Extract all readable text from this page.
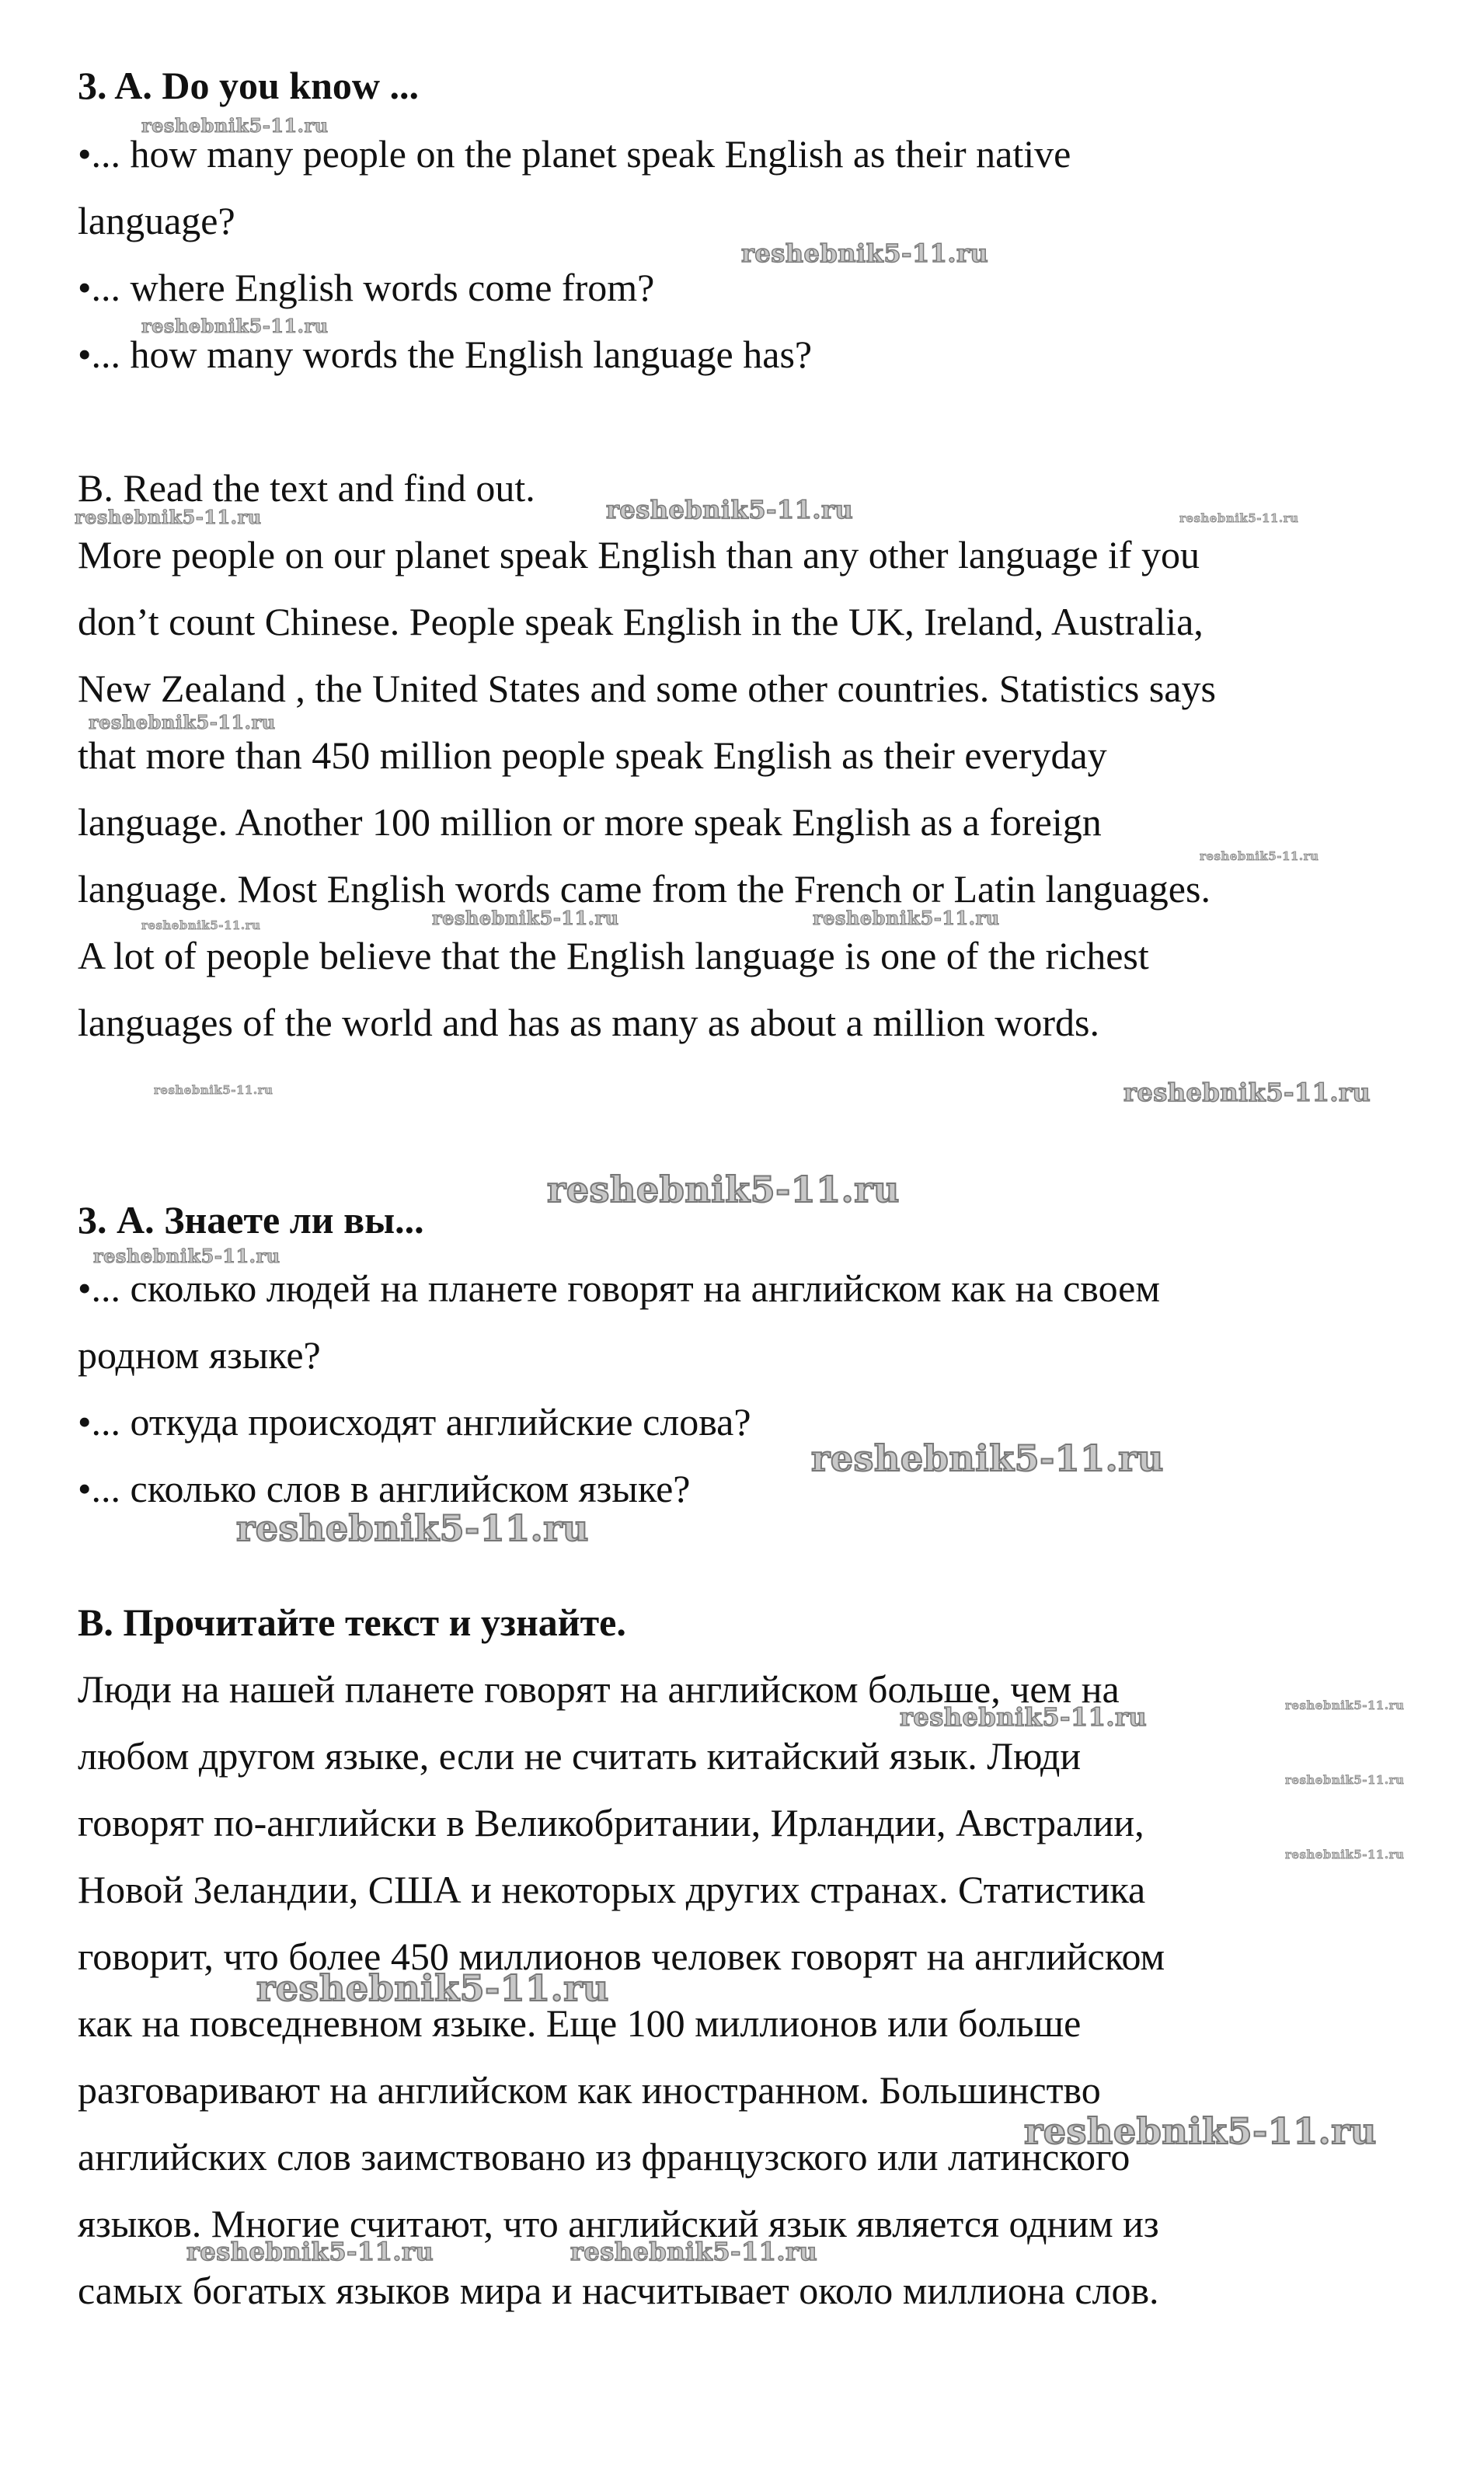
3. A. Do you know ...
•... how many people on the planet speak English as their native
language?
•... where English words come from?
•... how many words the English language has?
B. Read the text and find out.
More people on our planet speak English than any other language if you
don’t count Chinese. People speak English in the UK, Ireland, Australia,
New Zealand , the United States and some other countries. Statistics says
that more than 450 million people speak English as their everyday
language. Another 100 million or more speak English as a foreign
language. Most English words came from the French or Latin languages.
A lot of people believe that the English language is one of the richest
languages of the world and has as many as about a million words.
3. А. Знаете ли вы...
•... сколько людей на планете говорят на английском как на своем
родном языке?
•... откуда происходят английские слова?
•... сколько слов в английском языке?
В. Прочитайте текст и узнайте.
Люди на нашей планете говорят на английском больше, чем на
любом другом языке, если не считать китайский язык. Люди
говорят по-английски в Великобритании, Ирландии, Австралии,
Новой Зеландии, США и некоторых других странах. Статистика
говорит, что более 450 миллионов человек говорят на английском
как на повседневном языке. Еще 100 миллионов или больше
разговаривают на английском как иностранном. Большинство
английских слов заимствовано из французского или латинского
языков. Многие считают, что английский язык является одним из
самых богатых языков мира и насчитывает около миллиона слов.
reshebnik5-11.ru
reshebnik5-11.ru
reshebnik5-11.ru
reshebnik5-11.ru	reshebnik5-11.ru	reshebnik5-11.ru
reshebnik5-11.ru
reshebnik5-11.ru
reshebnik5-11.ru	reshebnik5-11.ru	reshebnik5-11.ru
reshebnik5-11.ru	reshebnik5-11.ru
reshebnik5-11.ru
reshebnik5-11.ru
reshebnik5-11.ru
reshebnik5-11.ru
reshebnik5-11.ru	reshebnik5-11.ru
reshebnik5-11.ru
reshebnik5-11.ru
reshebnik5-11.ru
reshebnik5-11.ru
reshebnik5-11.ru	reshebnik5-11.ru
